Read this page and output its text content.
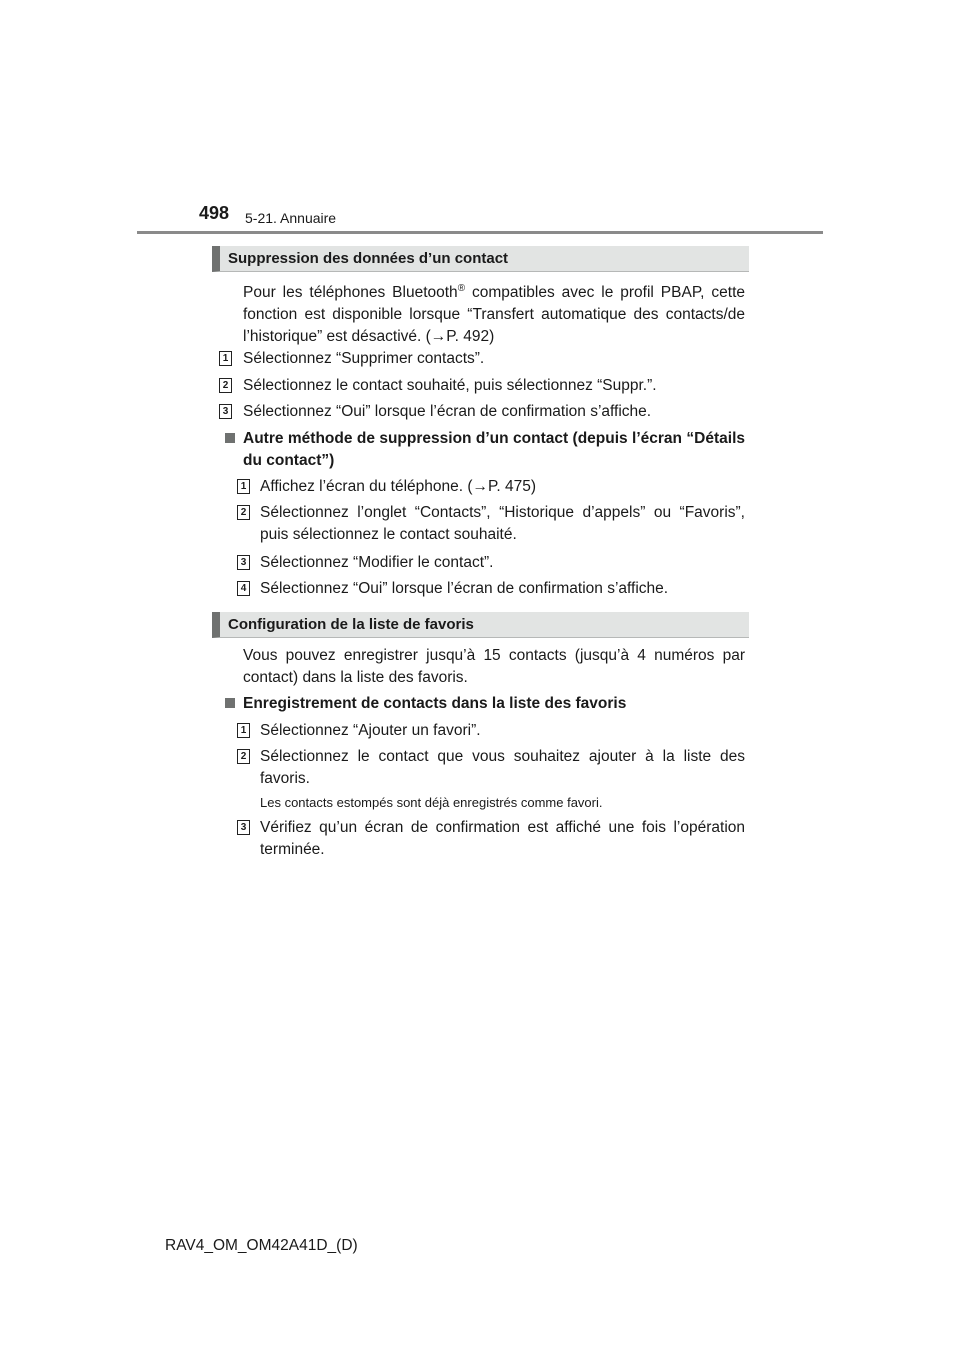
498 5-21. Annuaire
Suppression des données d’un contact
Pour les téléphones Bluetooth® compatibles avec le profil PBAP, cette fonction est disponible lorsque “Transfert automatique des contacts/de l’historique” est désactivé. (→P. 492)
1 Sélectionnez “Supprimer contacts”.
2 Sélectionnez le contact souhaité, puis sélectionnez “Suppr.”.
3 Sélectionnez “Oui” lorsque l’écran de confirmation s’affiche.
Autre méthode de suppression d’un contact (depuis l’écran “Détails du contact”)
1 Affichez l’écran du téléphone. (→P. 475)
2 Sélectionnez l’onglet “Contacts”, “Historique d’appels” ou “Favoris”, puis sélectionnez le contact souhaité.
3 Sélectionnez “Modifier le contact”.
4 Sélectionnez “Oui” lorsque l’écran de confirmation s’affiche.
Configuration de la liste de favoris
Vous pouvez enregistrer jusqu’à 15 contacts (jusqu’à 4 numéros par contact) dans la liste des favoris.
Enregistrement de contacts dans la liste des favoris
1 Sélectionnez “Ajouter un favori”.
2 Sélectionnez le contact que vous souhaitez ajouter à la liste des favoris.
Les contacts estompés sont déjà enregistrés comme favori.
3 Vérifiez qu’un écran de confirmation est affiché une fois l’opération terminée.
RAV4_OM_OM42A41D_(D)
